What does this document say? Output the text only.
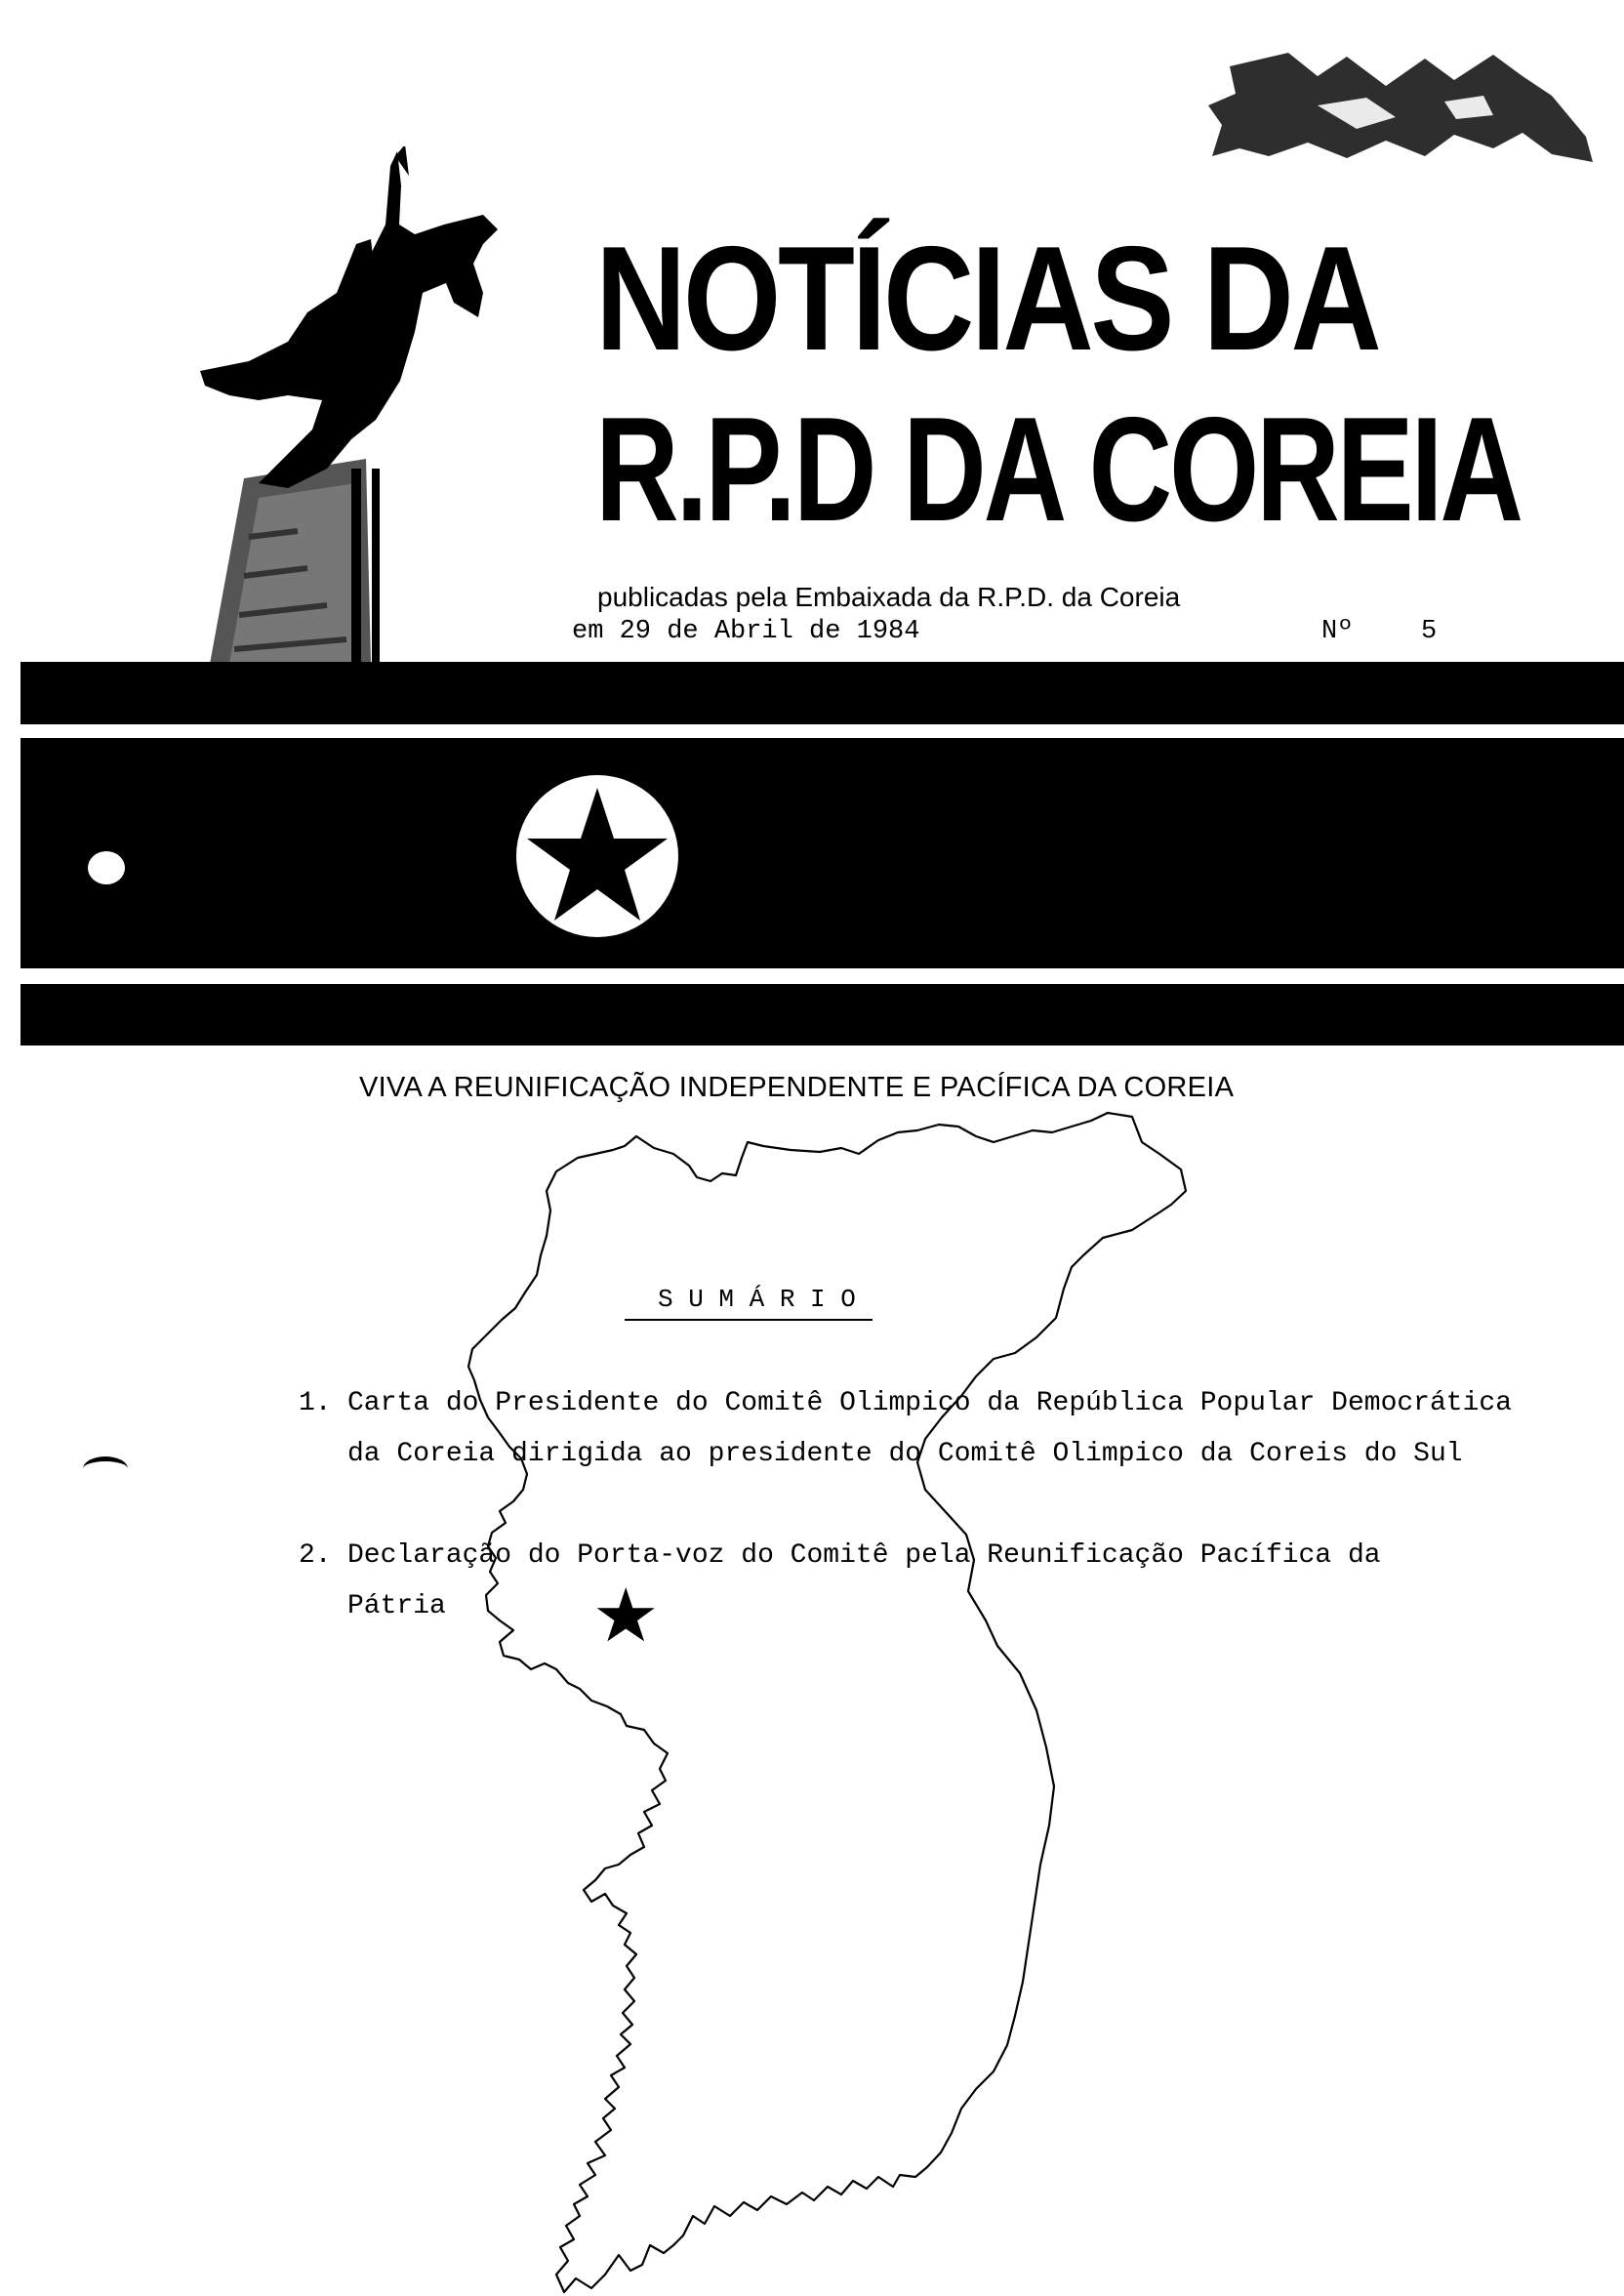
NOTÍCIAS DA
R.P.D DA COREIA
publicadas pela Embaixada da R.P.D. da Coreia
em 29 de Abril de 1984	Nº	5
VIVA A REUNIFICAÇÃO INDEPENDENTE E PACÍFICA DA COREIA
S U M Á R I O
1. Carta do Presidente do Comitê Olimpico da República Popular Democrática
da Coreia dirigida ao presidente do Comitê Olimpico da Coreis do Sul
2. Declaração do Porta-voz do Comitê pela Reunificação Pacífica da
Pátria
